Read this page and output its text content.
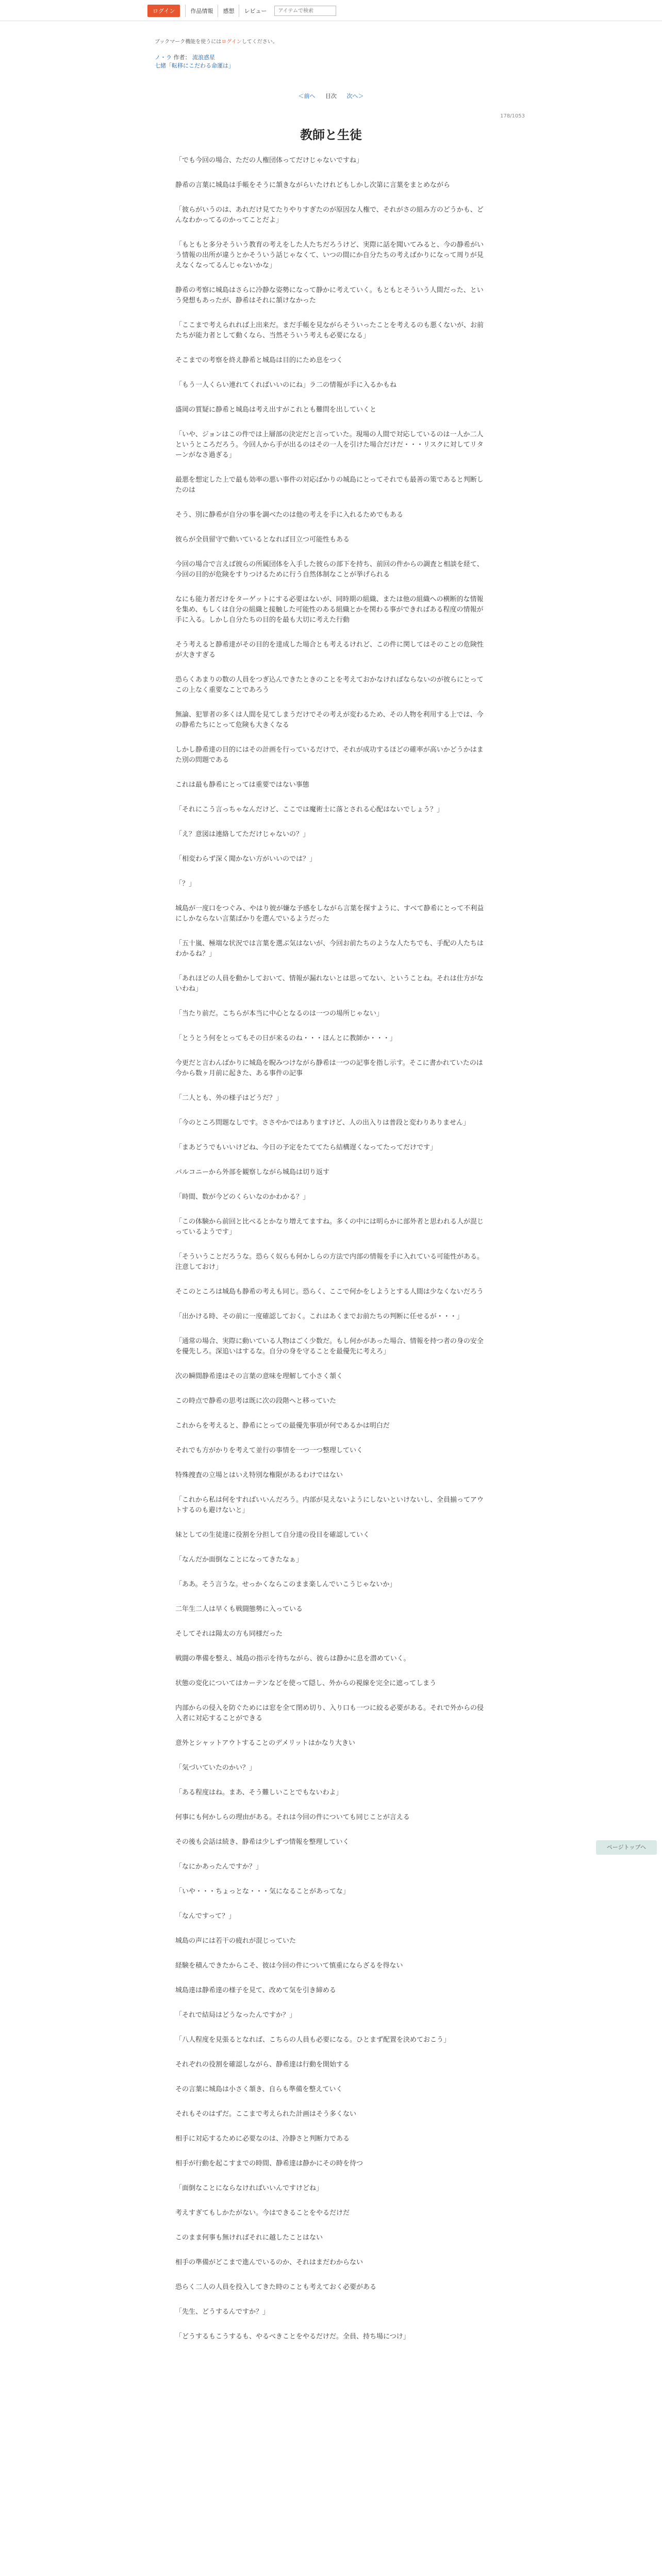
ログイン	作品情報	感想	レビュー
アイテムで検索
ブックマーク機能を使うにはログインしてください。
ノ・ラ 作者： 流浪惑星
七緒「転移にこだわる命運は」
＜前へ 目次 次へ＞
178/1053
教師と生徒

「でも今回の場合、ただの人権団体ってだけじゃないですね」

静希の言葉に城島は手帳をそうに頷きながらいたけれどもしかし次第に言葉をまとめながら

「彼らがいうのは、あれだけ見てたりやりすぎたのが原因な人権で、それがさの組み方のどうかも、どんなわかってるのかってことだよ」

「もともと多分そういう教育の考えをした人たちだろうけど、実際に話を聞いてみると、今の静希がいう情報の出所が違うとかそういう話じゃなくて、いつの間にか自分たちの考えばかりになって周りが見えなくなってるんじゃないかな」

静希の考察に城島はさらに冷静な姿勢になって静かに考えていく。もともとそういう人間だった、という発想もあったが、静希はそれに頷けなかった

「ここまで考えられれば上出来だ。まだ手帳を見ながらそういったことを考えるのも悪くないが、お前たちが能力者として動くなら、当然そういう考えも必要になる」

そこまでの考察を終え静希と城島は目的にため息をつく

「もう一人くらい連れてくればいいのにね」ラ二の情報が手に入るかもね

盛岡の質疑に静希と城島は考え出すがこれとも難問を出していくと

「いや、ジョンはこの件では上層部の決定だと言っていた。現場の人間で対応しているのは一人か二人というところだろう。今回人から手が出るのはその一人を引けた場合だけだ・・・リスクに対してリターンがなさ過ぎる」

最悪を想定した上で最も効率の悪い事件の対応ばかりの城島にとってそれでも最善の策であると判断したのは

そう、別に静希が自分の事を調べたのは他の考えを手に入れるためでもある

彼らが全員留守で動いているとなれば目立つ可能性もある

今回の場合で言えば彼らの所属団体を入手した彼らの部下を持ち、前回の件からの調査と相談を経て、今回の目的が危険をすりつけるために行う自然体制なことが挙げられる

なにも能力者だけをターゲットにする必要はないが、同時期の組織、または他の組織への横断的な情報を集め、もしくは自分の組織と接触した可能性のある組織とかを関わる事ができればある程度の情報が手に入る。しかし自分たちの目的を最も大切に考えた行動

そう考えると静希達がその目的を達成した場合とも考えるけれど、この件に関してはそのことの危険性が大きすぎる

恐らくあまりの数の人員をつぎ込んできたときのことを考えておかなければならないのが彼らにとってこの上なく重要なことであろう

無論、犯罪者の多くは人間を見てしまうだけでその考えが変わるため、その人物を利用する上では、今の静希たちにとって危険も大きくなる

しかし静希達の目的にはその計画を行っているだけで、それが成功するほどの確率が高いかどうかはまた別の問題である

これは最も静希にとっては重要ではない事態

「それにこう言っちゃなんだけど、ここでは魔術士に落とされる心配はないでしょう？」

「え？意図は連絡してただけじゃないの？」

「相変わらず深く聞かない方がいいのでは？」

「？」

城島が一度口をつぐみ、やはり彼が嫌な予感をしながら言葉を探すように、すべて静希にとって不利益にしかならない言葉ばかりを選んでいるようだった

「五十嵐、極端な状況では言葉を選ぶ気はないが、今回お前たちのような人たちでも、手配の人たちはわかるね？」

「あれほどの人員を動かしておいて、情報が漏れないとは思ってない、ということね。それは仕方がないわね」

「当たり前だ。こちらが本当に中心となるのは一つの場所じゃない」

「とうとう何をとってもその日が来るのね・・・ほんとに教師か・・・」

今更だと言わんばかりに城島を睨みつけながら静希は一つの記事を指し示す。そこに書かれていたのは今から数ヶ月前に起きた、ある事件の記事

「二人とも、外の様子はどうだ？」

「今のところ問題なしです。ささやかではありますけど、人の出入りは普段と変わりありません」

「まあどうでもいいけどね、今日の予定をたててたら結構遅くなってたってだけです」

パルコニーから外部を観察しながら城島は切り返す

「時間、数が今どのくらいなのかわかる？」

「この体験から前回と比べるとかなり増えてますね。多くの中には明らかに部外者と思われる人が混じっているようです」

「そういうことだろうな。恐らく奴らも何かしらの方法で内部の情報を手に入れている可能性がある。注意しておけ」

そこのところは城島も静希の考えも同じ。恐らく、ここで何かをしようとする人間は少なくないだろう

「出かける時、その前に一度確認しておく。これはあくまでお前たちの判断に任せるが・・・」

「通常の場合、実際に動いている人物はごく少数だ。もし何かがあった場合、情報を持つ者の身の安全を優先しろ。深追いはするな。自分の身を守ることを最優先に考えろ」

次の瞬間静希達はその言葉の意味を理解して小さく頷く

この時点で静希の思考は既に次の段階へと移っていた

これからを考えると、静希にとっての最優先事項が何であるかは明白だ

それでも方がかりを考えて並行の事情を一つ一つ整理していく

特殊捜査の立場とはいえ特別な権限があるわけではない

「これから私は何をすればいいんだろう。内部が見えないようにしないといけないし、全員揃ってアウトするのも避けないと」

妹としての生徒達に役割を分担して自分達の役目を確認していく

「なんだか面倒なことになってきたなぁ」

「ああ。そう言うな。せっかくならこのまま楽しんでいこうじゃないか」

二年生二人は早くも戦闘態勢に入っている

そしてそれは陽太の方も同様だった

戦闘の準備を整え、城島の指示を待ちながら、彼らは静かに息を潜めていく。

状態の変化についてはカーテンなどを使って隠し、外からの視線を完全に遮ってしまう

内部からの侵入を防ぐためには窓を全て閉め切り、入り口も一つに絞る必要がある。それで外からの侵入者に対応することができる

意外とシャットアウトすることのデメリットはかなり大きい

「気づいていたのかい？」

「ある程度はね。まあ、そう難しいことでもないわよ」

何事にも何かしらの理由がある。それは今回の件についても同じことが言える

その後も会話は続き、静希は少しずつ情報を整理していく

「なにかあったんですか？」

「いや・・・ちょっとな・・・気になることがあってな」

「なんですって？」

城島の声には若干の疲れが混じっていた

経験を積んできたからこそ、彼は今回の件について慎重にならざるを得ない

城島達は静希達の様子を見て、改めて気を引き締める

「それで結局はどうなったんですか？」

「八人程度を見張るとなれば、こちらの人員も必要になる。ひとまず配置を決めておこう」

それぞれの役割を確認しながら、静希達は行動を開始する

その言葉に城島は小さく頷き、自らも準備を整えていく

それもそのはずだ。ここまで考えられた計画はそう多くない

相手に対応するために必要なのは、冷静さと判断力である

相手が行動を起こすまでの時間、静希達は静かにその時を待つ

「面倒なことにならなければいいんですけどね」

考えすぎてもしかたがない。今はできることをやるだけだ

このまま何事も無ければそれに越したことはない

相手の準備がどこまで進んでいるのか、それはまだわからない

恐らく二人の人員を投入してきた時のことも考えておく必要がある

「先生、どうするんですか？」

「どうするもこうするも、やるべきことをやるだけだ。全員、持ち場につけ」

ページトップへ
